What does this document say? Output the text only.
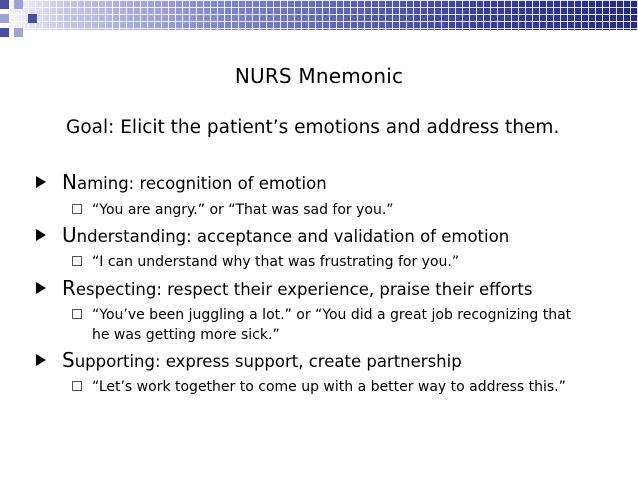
NURS Mnemonic
Goal: Elicit the patient’s emotions and address them.
Naming: recognition of emotion
“You are angry.” or “That was sad for you.”
Understanding: acceptance and validation of emotion
“I can understand why that was frustrating for you.”
Respecting: respect their experience, praise their efforts
“You’ve been juggling a lot.” or “You did a great job recognizing that
he was getting more sick.”
Supporting: express support, create partnership
“Let’s work together to come up with a better way to address this.”
